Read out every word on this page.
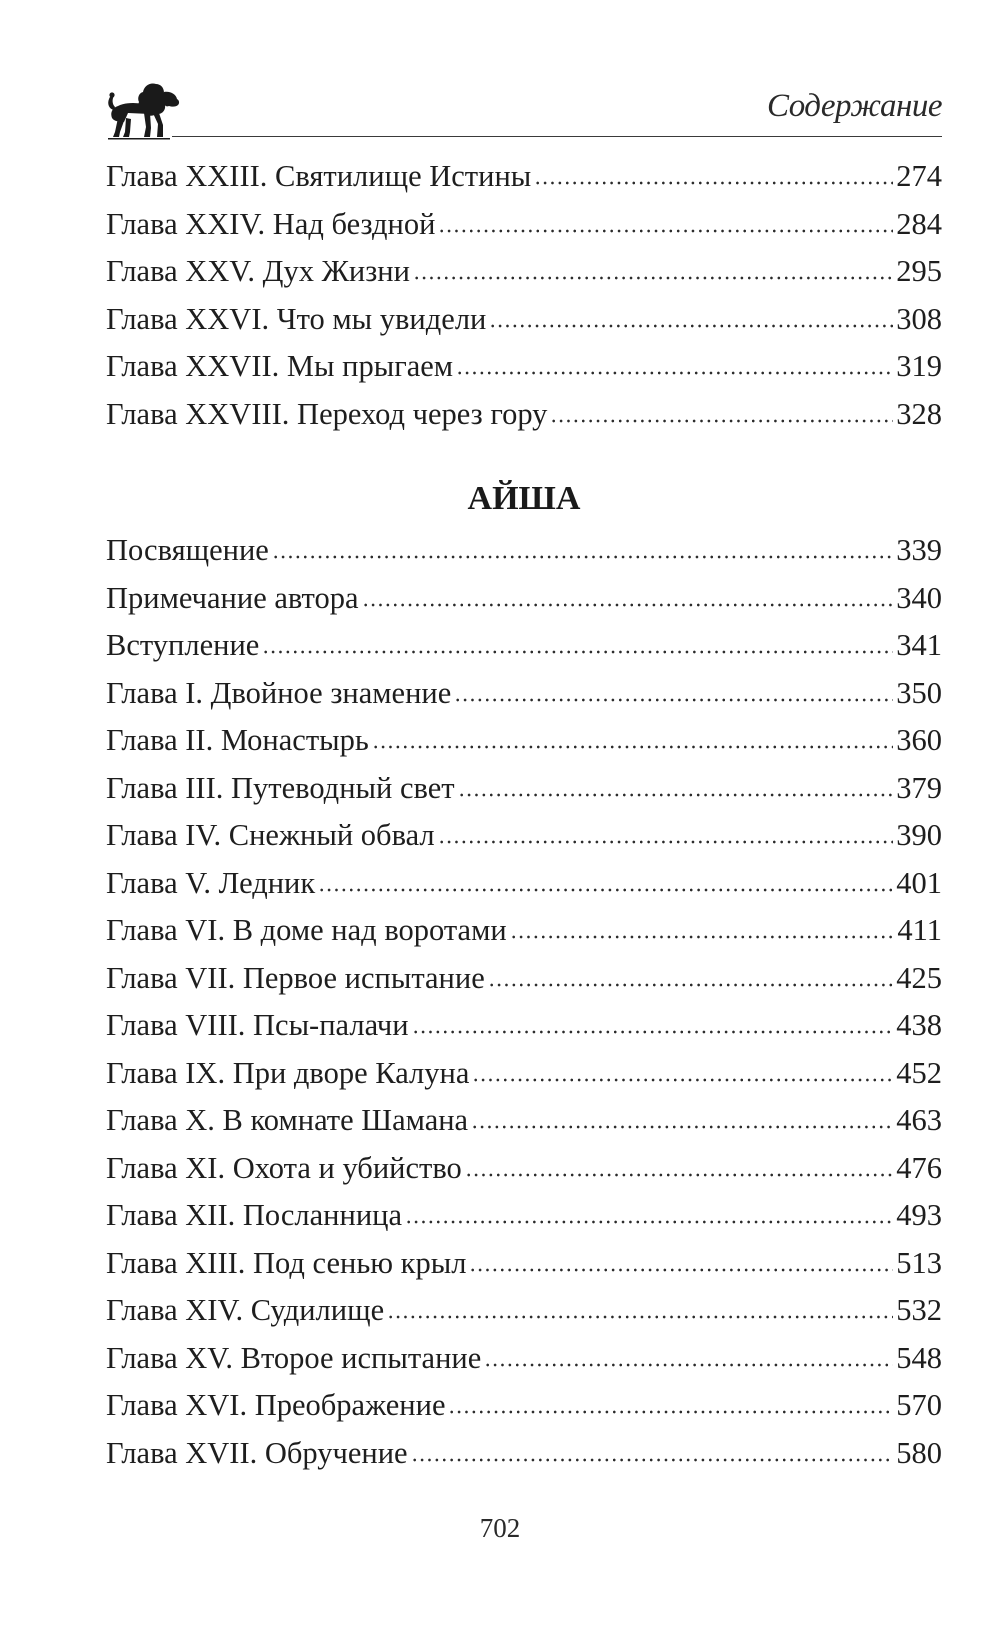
Содержание
Глава XXIII. Святилище Истины	274
Глава XXIV. Над бездной	284
Глава XXV. Дух Жизни	295
Глава XXVI. Что мы увидели	308
Глава XXVII. Мы прыгаем	319
Глава XXVIII. Переход через гору	328
АЙША
Посвящение	339
Примечание автора	340
Вступление	341
Глава I. Двойное знамение	350
Глава II. Монастырь	360
Глава III. Путеводный свет	379
Глава IV. Снежный обвал	390
Глава V. Ледник	401
Глава VI. В доме над воротами	411
Глава VII. Первое испытание	425
Глава VIII. Псы-палачи	438
Глава IX. При дворе Калуна	452
Глава X. В комнате Шамана	463
Глава XI. Охота и убийство	476
Глава XII. Посланница	493
Глава XIII. Под сенью крыл	513
Глава XIV. Судилище	532
Глава XV. Второе испытание	548
Глава XVI. Преображение	570
Глава XVII. Обручение	580
702
